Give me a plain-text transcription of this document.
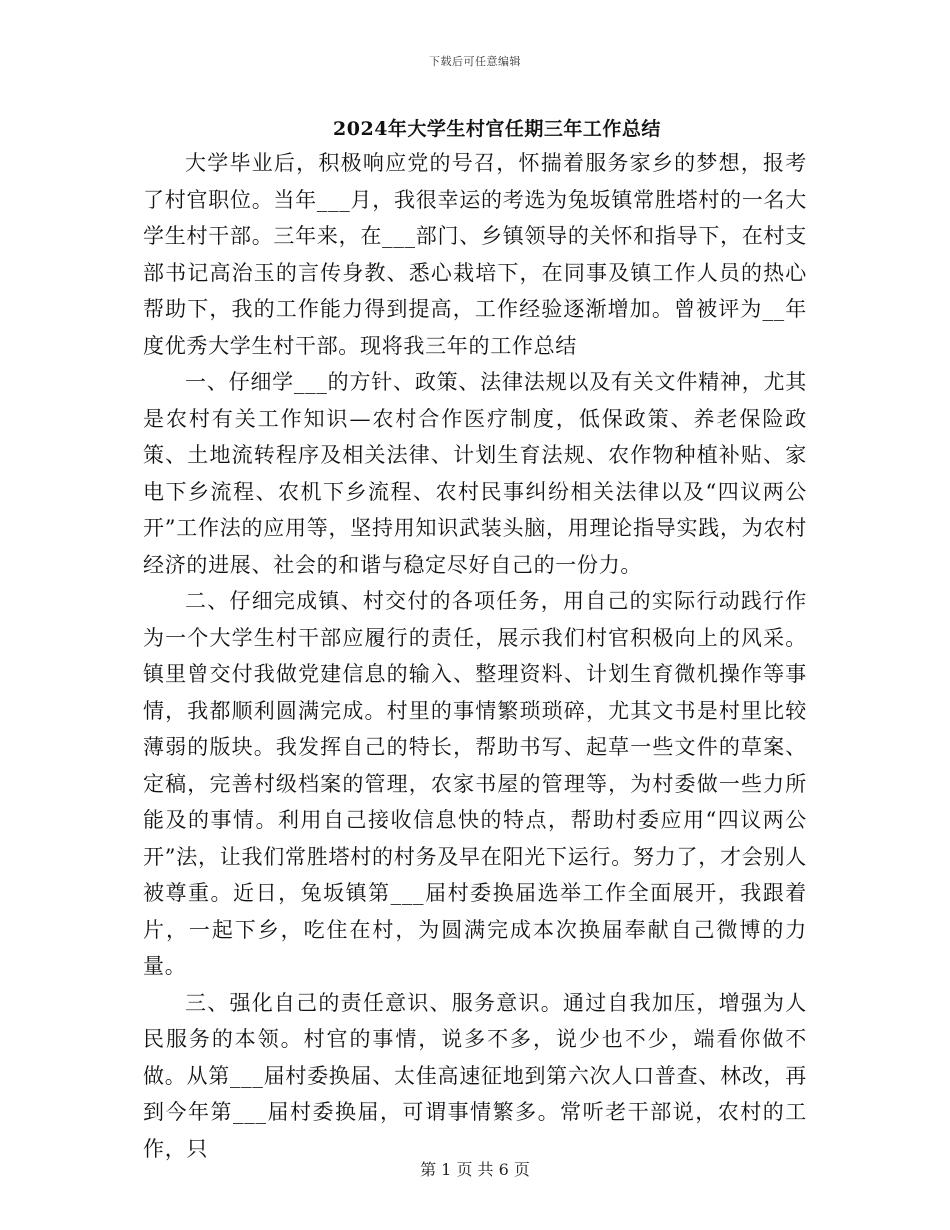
下载后可任意编辑
2024年大学生村官任期三年工作总结

大学毕业后，积极响应党的号召，怀揣着服务家乡的梦想，报考了村官职位。当年___月，我很幸运的考选为兔坂镇常胜塔村的一名大学生村干部。三年来，在___部门、乡镇领导的关怀和指导下，在村支部书记高治玉的言传身教、悉心栽培下，在同事及镇工作人员的热心帮助下，我的工作能力得到提高，工作经验逐渐增加。曾被评为__年度优秀大学生村干部。现将我三年的工作总结

一、仔细学___的方针、政策、法律法规以及有关文件精神，尤其是农村有关工作知识—农村合作医疗制度，低保政策、养老保险政策、土地流转程序及相关法律、计划生育法规、农作物种植补贴、家电下乡流程、农机下乡流程、农村民事纠纷相关法律以及“四议两公开”工作法的应用等，坚持用知识武装头脑，用理论指导实践，为农村经济的进展、社会的和谐与稳定尽好自己的一份力。

二、仔细完成镇、村交付的各项任务，用自己的实际行动践行作为一个大学生村干部应履行的责任，展示我们村官积极向上的风采。镇里曾交付我做党建信息的输入、整理资料、计划生育微机操作等事情，我都顺利圆满完成。村里的事情繁琐琐碎，尤其文书是村里比较薄弱的版块。我发挥自己的特长，帮助书写、起草一些文件的草案、定稿，完善村级档案的管理，农家书屋的管理等，为村委做一些力所能及的事情。利用自己接收信息快的特点，帮助村委应用“四议两公开”法，让我们常胜塔村的村务及早在阳光下运行。努力了，才会别人被尊重。近日，兔坂镇第___届村委换届选举工作全面展开，我跟着片，一起下乡，吃住在村，为圆满完成本次换届奉献自己微博的力量。

三、强化自己的责任意识、服务意识。通过自我加压，增强为人民服务的本领。村官的事情，说多不多，说少也不少，端看你做不做。从第___届村委换届、太佳高速征地到第六次人口普查、林改，再到今年第___届村委换届，可谓事情繁多。常听老干部说，农村的工作，只

第 1 页 共 6 页
